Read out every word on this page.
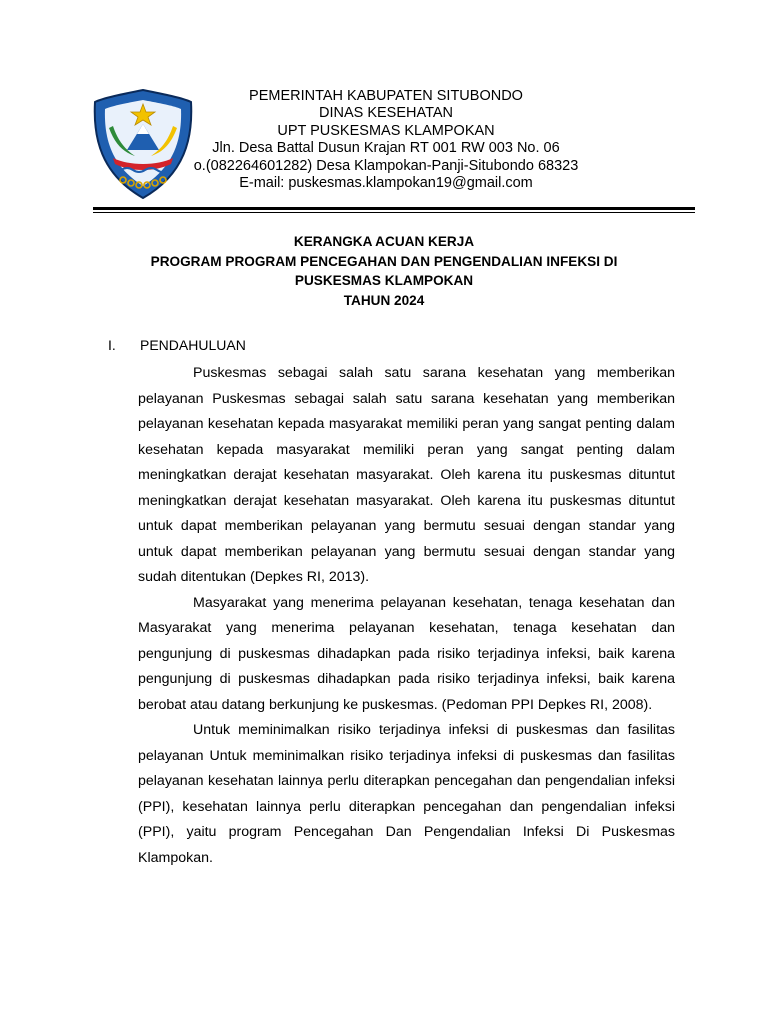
PEMERINTAH KABUPATEN SITUBONDO
DINAS KESEHATAN
UPT PUSKESMAS KLAMPOKAN
Jln. Desa Battal Dusun Krajan RT 001 RW 003 No. 06
o.(082264601282) Desa Klampokan-Panji-Situbondo 68323
E-mail: puskesmas.klampokan19@gmail.com
KERANGKA ACUAN KERJA
PROGRAM PROGRAM PENCEGAHAN DAN PENGENDALIAN INFEKSI DI
PUSKESMAS KLAMPOKAN
TAHUN 2024
I. PENDAHULUAN

Puskesmas sebagai salah satu sarana kesehatan yang memberikan pelayanan Puskesmas sebagai salah satu sarana kesehatan yang memberikan pelayanan kesehatan kepada masyarakat memiliki peran yang sangat penting dalam kesehatan kepada masyarakat memiliki peran yang sangat penting dalam meningkatkan derajat kesehatan masyarakat. Oleh karena itu puskesmas dituntut meningkatkan derajat kesehatan masyarakat. Oleh karena itu puskesmas dituntut untuk dapat memberikan pelayanan yang bermutu sesuai dengan standar yang untuk dapat memberikan pelayanan yang bermutu sesuai dengan standar yang sudah ditentukan (Depkes RI, 2013).

Masyarakat yang menerima pelayanan kesehatan, tenaga kesehatan dan Masyarakat yang menerima pelayanan kesehatan, tenaga kesehatan dan pengunjung di puskesmas dihadapkan pada risiko terjadinya infeksi, baik karena pengunjung di puskesmas dihadapkan pada risiko terjadinya infeksi, baik karena berobat atau datang berkunjung ke puskesmas. (Pedoman PPI Depkes RI, 2008).

Untuk meminimalkan risiko terjadinya infeksi di puskesmas dan fasilitas pelayanan Untuk meminimalkan risiko terjadinya infeksi di puskesmas dan fasilitas pelayanan kesehatan lainnya perlu diterapkan pencegahan dan pengendalian infeksi (PPI), kesehatan lainnya perlu diterapkan pencegahan dan pengendalian infeksi (PPI), yaitu program Pencegahan Dan Pengendalian Infeksi Di Puskesmas Klampokan.
